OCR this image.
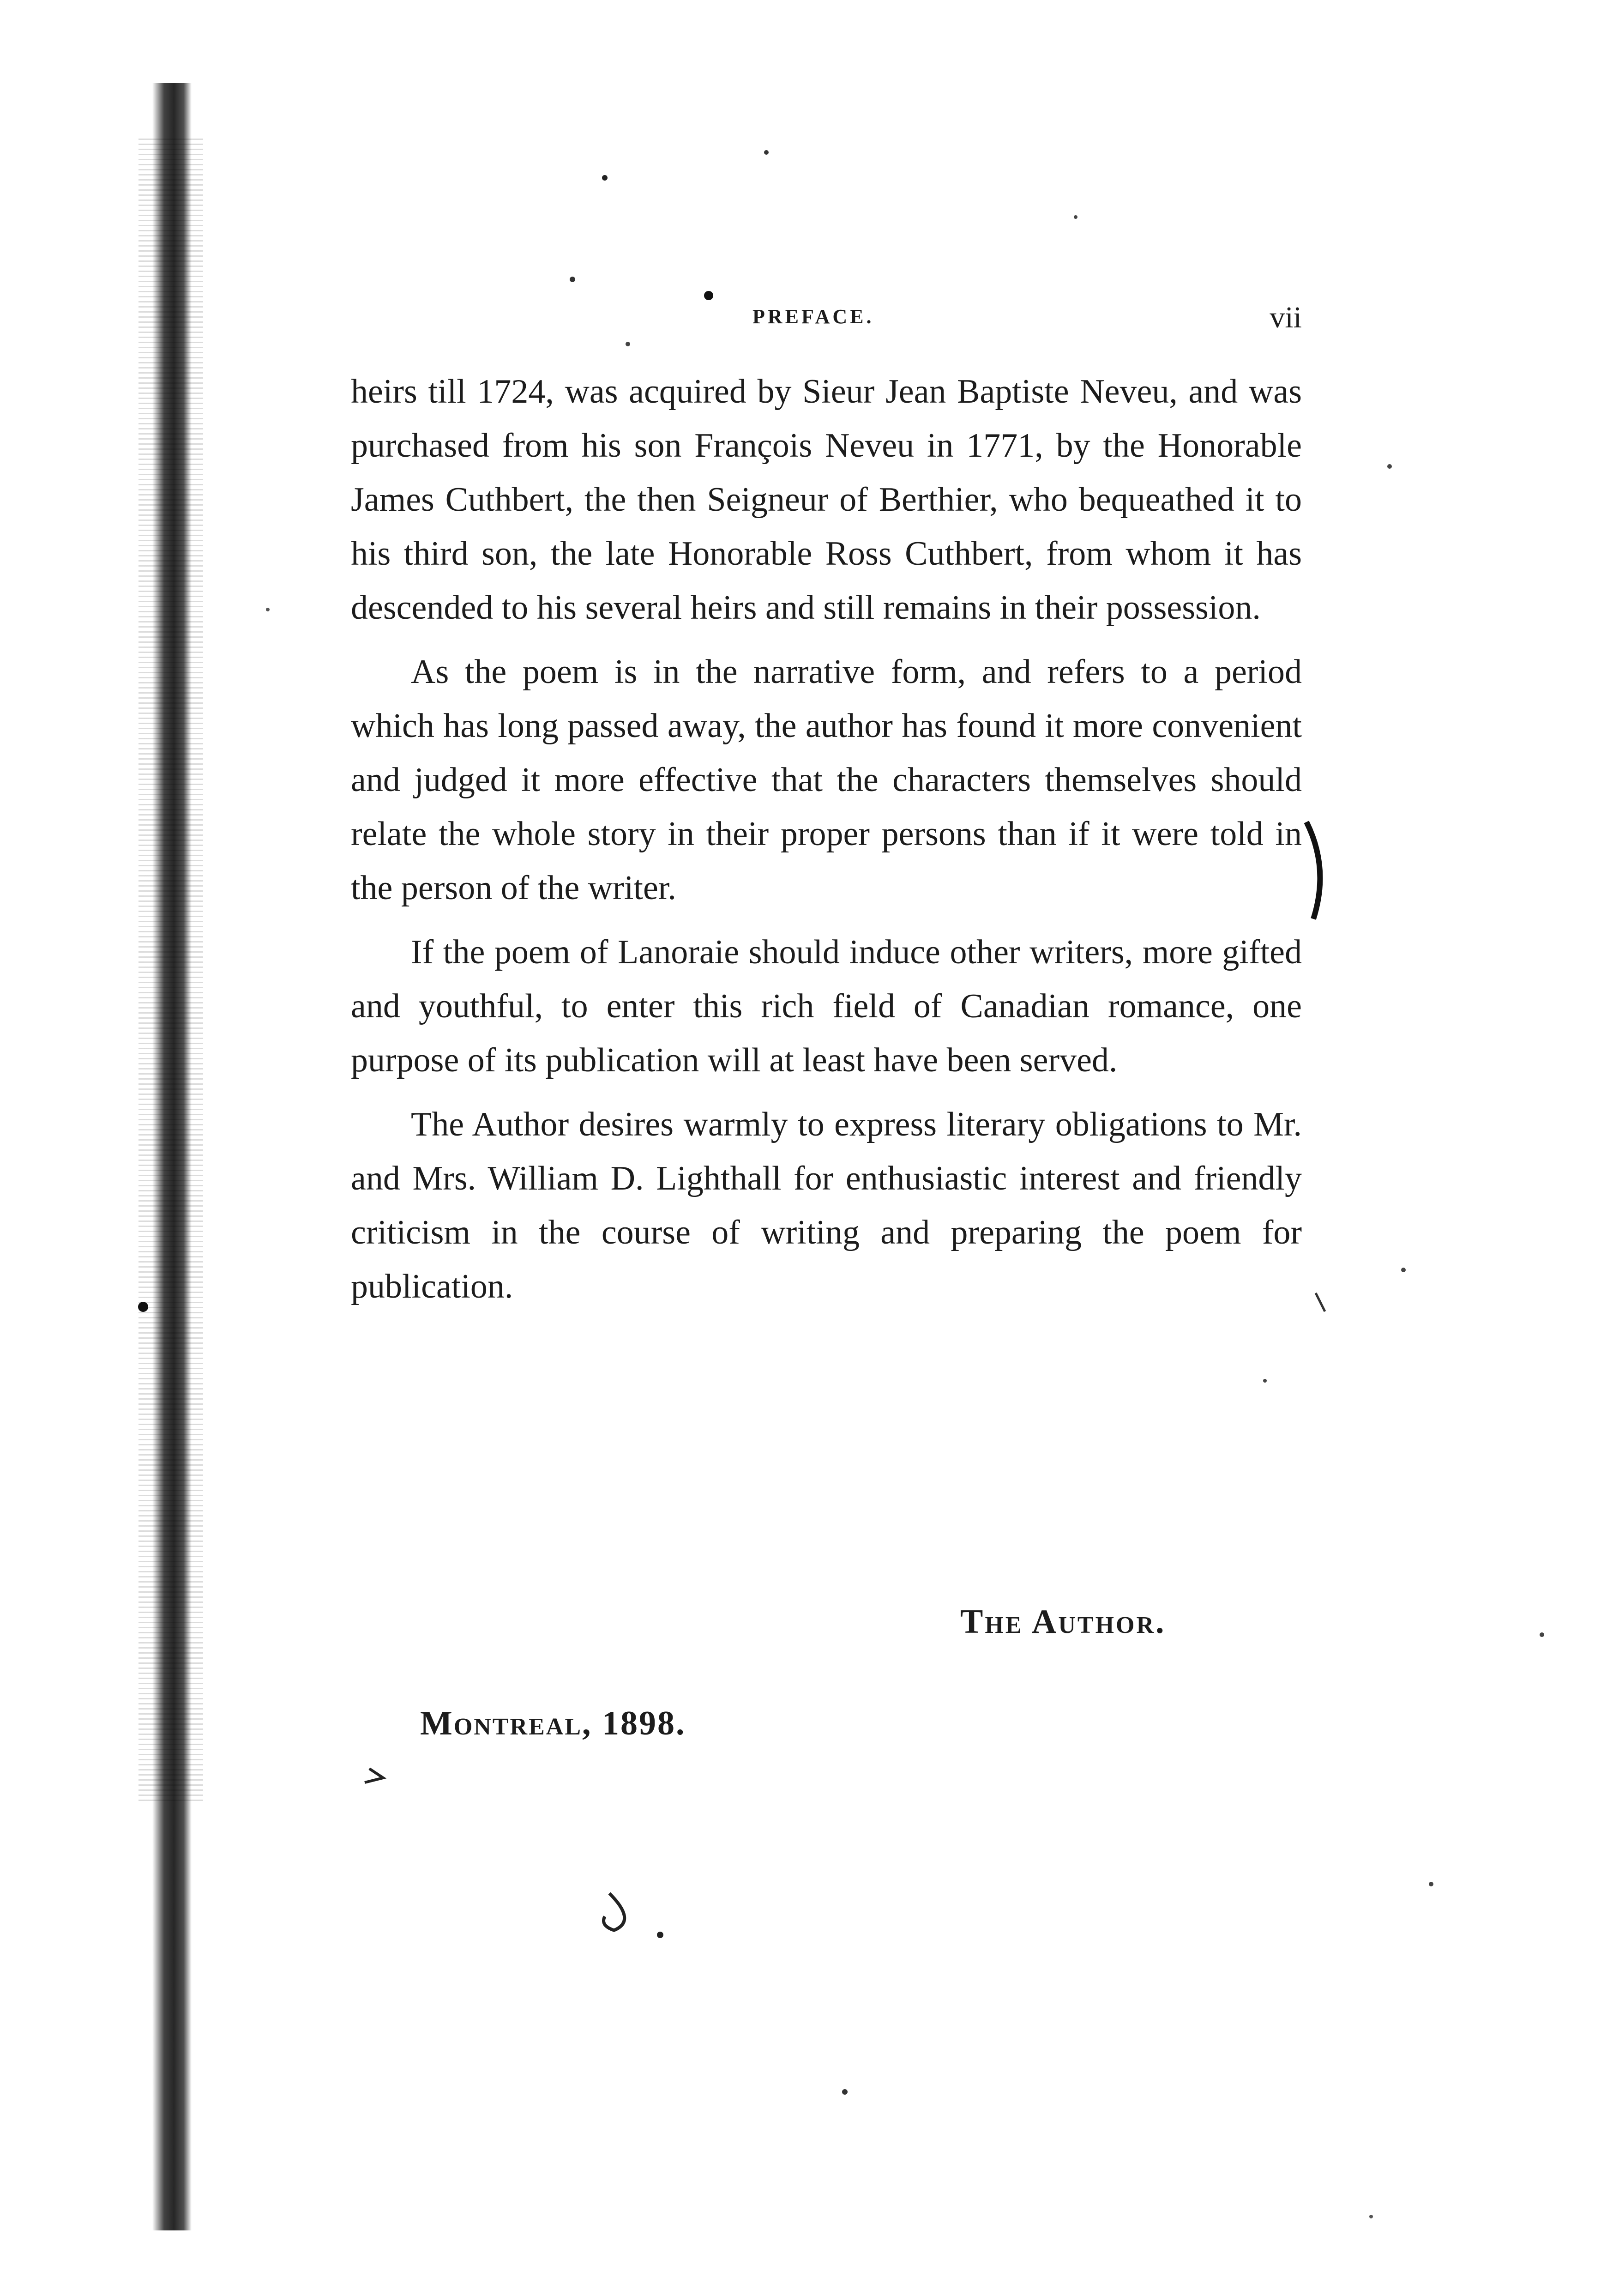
PREFACE.	vii

heirs till 1724, was acquired by Sieur Jean Baptiste Neveu, and was purchased from his son François Neveu in 1771, by the Honorable James Cuthbert, the then Seigneur of Berthier, who bequeathed it to his third son, the late Honorable Ross Cuthbert, from whom it has descended to his several heirs and still remains in their possession.

As the poem is in the narrative form, and refers to a period which has long passed away, the author has found it more convenient and judged it more effective that the characters themselves should relate the whole story in their proper persons than if it were told in the person of the writer.

If the poem of Lanoraie should induce other writers, more gifted and youthful, to enter this rich field of Canadian romance, one purpose of its publication will at least have been served.

The Author desires warmly to express literary obligations to Mr. and Mrs. William D. Lighthall for enthusiastic interest and friendly criticism in the course of writing and preparing the poem for publication.

The Author.
Montreal, 1898.
